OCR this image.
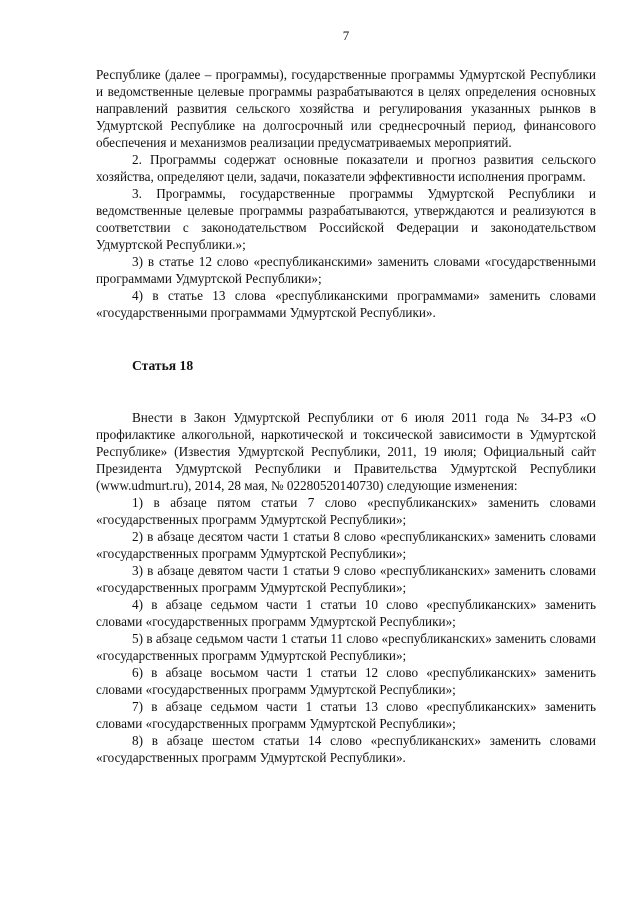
7

Республике (далее – программы), государственные программы Удмуртской Республики и ведомственные целевые программы разрабатываются в целях определения основных направлений развития сельского хозяйства и регулирования указанных рынков в Удмуртской Республике на долгосрочный или среднесрочный период, финансового обеспечения и механизмов реализации предусматриваемых мероприятий.

2. Программы содержат основные показатели и прогноз развития сельского хозяйства, определяют цели, задачи, показатели эффективности исполнения программ.

3. Программы, государственные программы Удмуртской Республики и ведомственные целевые программы разрабатываются, утверждаются и реализуются в соответствии с законодательством Российской Федерации и законодательством Удмуртской Республики.»;

3) в статье 12 слово «республиканскими» заменить словами «государственными программами Удмуртской Республики»;

4) в статье 13 слова «республиканскими программами» заменить словами «государственными программами Удмуртской Республики».

Статья 18

Внести в Закон Удмуртской Республики от 6 июля 2011 года № 34-РЗ «О профилактике алкогольной, наркотической и токсической зависимости в Удмуртской Республике» (Известия Удмуртской Республики, 2011, 19 июля; Официальный сайт Президента Удмуртской Республики и Правительства Удмуртской Республики (www.udmurt.ru), 2014, 28 мая, № 02280520140730) следующие изменения:

1) в абзаце пятом статьи 7 слово «республиканских» заменить словами «государственных программ Удмуртской Республики»;

2) в абзаце десятом части 1 статьи 8 слово «республиканских» заменить словами «государственных программ Удмуртской Республики»;

3) в абзаце девятом части 1 статьи 9 слово «республиканских» заменить словами «государственных программ Удмуртской Республики»;

4) в абзаце седьмом части 1 статьи 10 слово «республиканских» заменить словами «государственных программ Удмуртской Республики»;

5) в абзаце седьмом части 1 статьи 11 слово «республиканских» заменить словами «государственных программ Удмуртской Республики»;

6) в абзаце восьмом части 1 статьи 12 слово «республиканских» заменить словами «государственных программ Удмуртской Республики»;

7) в абзаце седьмом части 1 статьи 13 слово «республиканских» заменить словами «государственных программ Удмуртской Республики»;

8) в абзаце шестом статьи 14 слово «республиканских» заменить словами «государственных программ Удмуртской Республики».
